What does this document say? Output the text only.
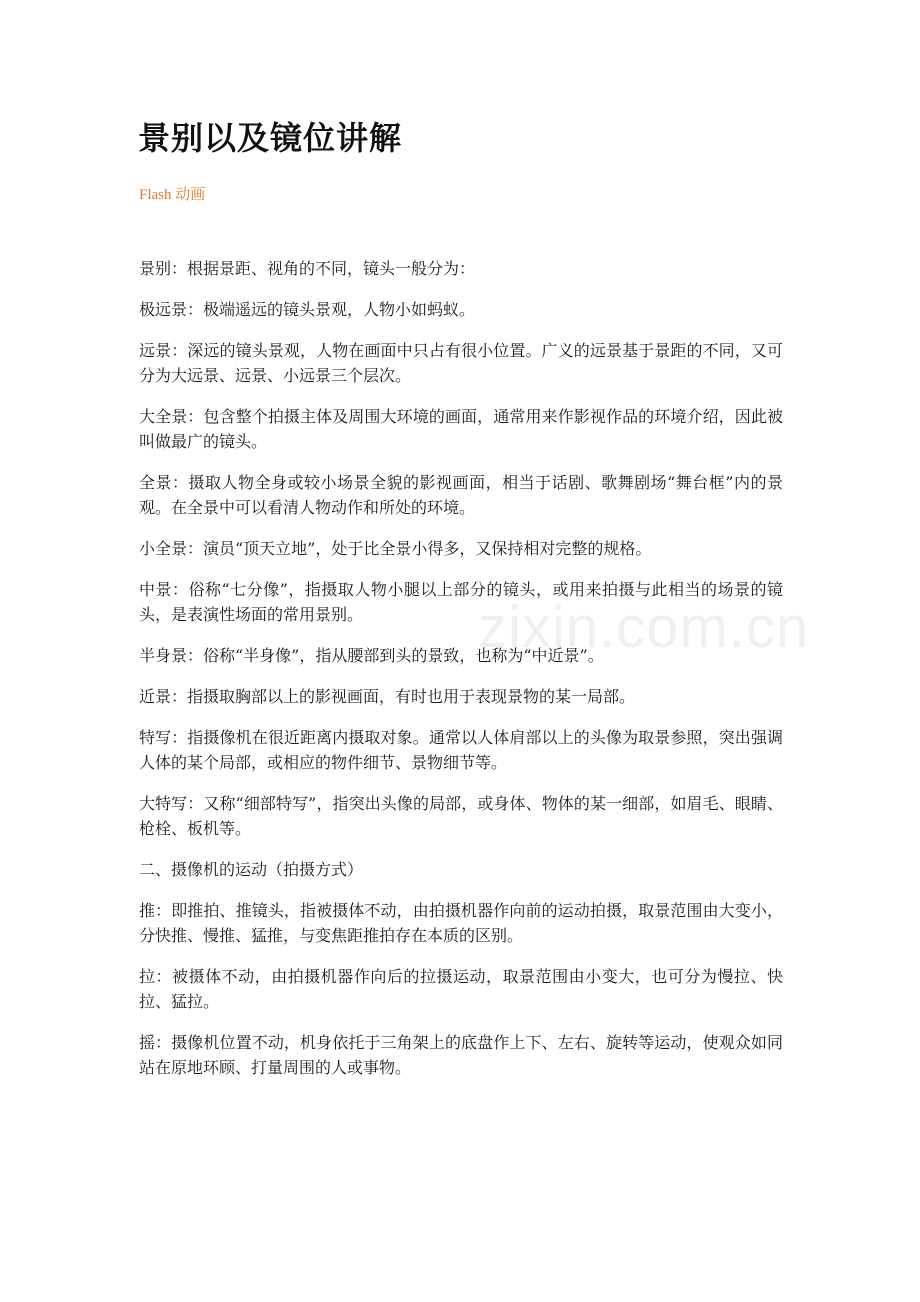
景别以及镜位讲解
Flash 动画

景别：根据景距、视角的不同，镜头一般分为：

极远景：极端遥远的镜头景观，人物小如蚂蚁。

远景：深远的镜头景观，人物在画面中只占有很小位置。广义的远景基于景距的不同，又可分为大远景、远景、小远景三个层次。

大全景：包含整个拍摄主体及周围大环境的画面，通常用来作影视作品的环境介绍，因此被叫做最广的镜头。

全景：摄取人物全身或较小场景全貌的影视画面，相当于话剧、歌舞剧场“舞台框”内的景观。在全景中可以看清人物动作和所处的环境。

小全景：演员“顶天立地”，处于比全景小得多，又保持相对完整的规格。

中景：俗称“七分像”，指摄取人物小腿以上部分的镜头，或用来拍摄与此相当的场景的镜头，是表演性场面的常用景别。

半身景：俗称“半身像”，指从腰部到头的景致，也称为“中近景”。

近景：指摄取胸部以上的影视画面，有时也用于表现景物的某一局部。

特写：指摄像机在很近距离内摄取对象。通常以人体肩部以上的头像为取景参照，突出强调人体的某个局部，或相应的物件细节、景物细节等。

大特写：又称“细部特写”，指突出头像的局部，或身体、物体的某一细部，如眉毛、眼睛、枪栓、板机等。

二、摄像机的运动（拍摄方式）

推：即推拍、推镜头，指被摄体不动，由拍摄机器作向前的运动拍摄，取景范围由大变小，分快推、慢推、猛推，与变焦距推拍存在本质的区别。

拉：被摄体不动，由拍摄机器作向后的拉摄运动，取景范围由小变大，也可分为慢拉、快拉、猛拉。

摇：摄像机位置不动，机身依托于三角架上的底盘作上下、左右、旋转等运动，使观众如同站在原地环顾、打量周围的人或事物。

zixin.com.cn
